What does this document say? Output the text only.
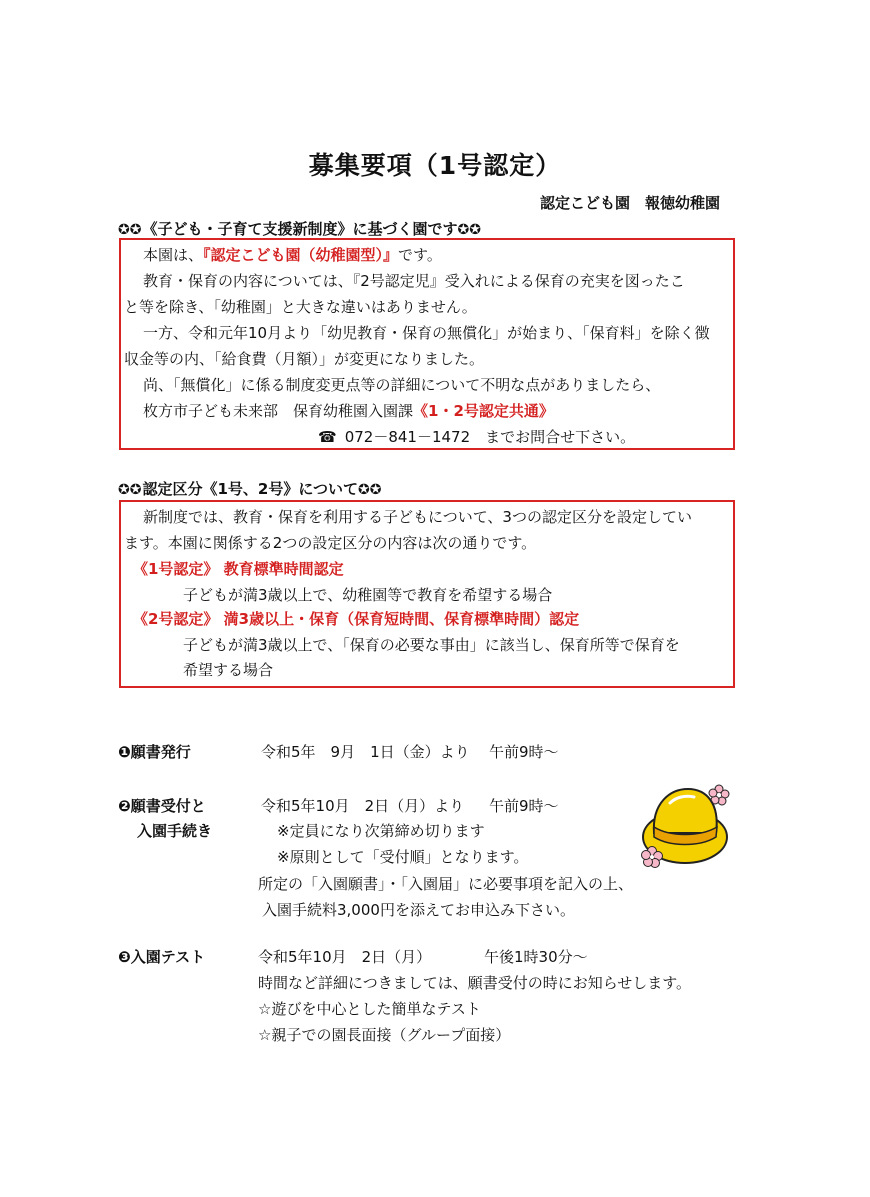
募集要項（1号認定）
認定こども園　報徳幼稚園
✪✪《子ども・子育て支援新制度》に基づく園です✪✪
本園は、『認定こども園（幼稚園型）』です。
教育・保育の内容については、『2号認定児』受入れによる保育の充実を図ったこ
と等を除き、「幼稚園」と大きな違いはありません。
一方、令和元年10月より「幼児教育・保育の無償化」が始まり、「保育料」を除く徴
収金等の内、「給食費（月額）」が変更になりました。
尚、「無償化」に係る制度変更点等の詳細について不明な点がありましたら、
枚方市子ども未来部　保育幼稚園入園課《1・2号認定共通》
☎ 072－841－1472　までお問合せ下さい。
✪✪認定区分《1号、2号》について✪✪
新制度では、教育・保育を利用する子どもについて、3つの認定区分を設定してい
ます。本園に関係する2つの設定区分の内容は次の通りです。
《1号認定》 教育標準時間認定
子どもが満3歳以上で、幼稚園等で教育を希望する場合
《2号認定》 満3歳以上・保育（保育短時間、保育標準時間）認定
子どもが満3歳以上で、「保育の必要な事由」に該当し、保育所等で保育を
希望する場合
❶願書発行	令和5年　9月　1日（金）より 午前9時～
❷願書受付と
入園手続き
令和5年10月　2日（月）より 午前9時～
※定員になり次第締め切ります
※原則として「受付順」となります。
所定の「入園願書」・「入園届」に必要事項を記入の上、
入園手続料3,000円を添えてお申込み下さい。
❸入園テスト	令和5年10月　2日（月）	午後1時30分～
時間など詳細につきましては、願書受付の時にお知らせします。
☆遊びを中心とした簡単なテスト
☆親子での園長面接（グループ面接）
